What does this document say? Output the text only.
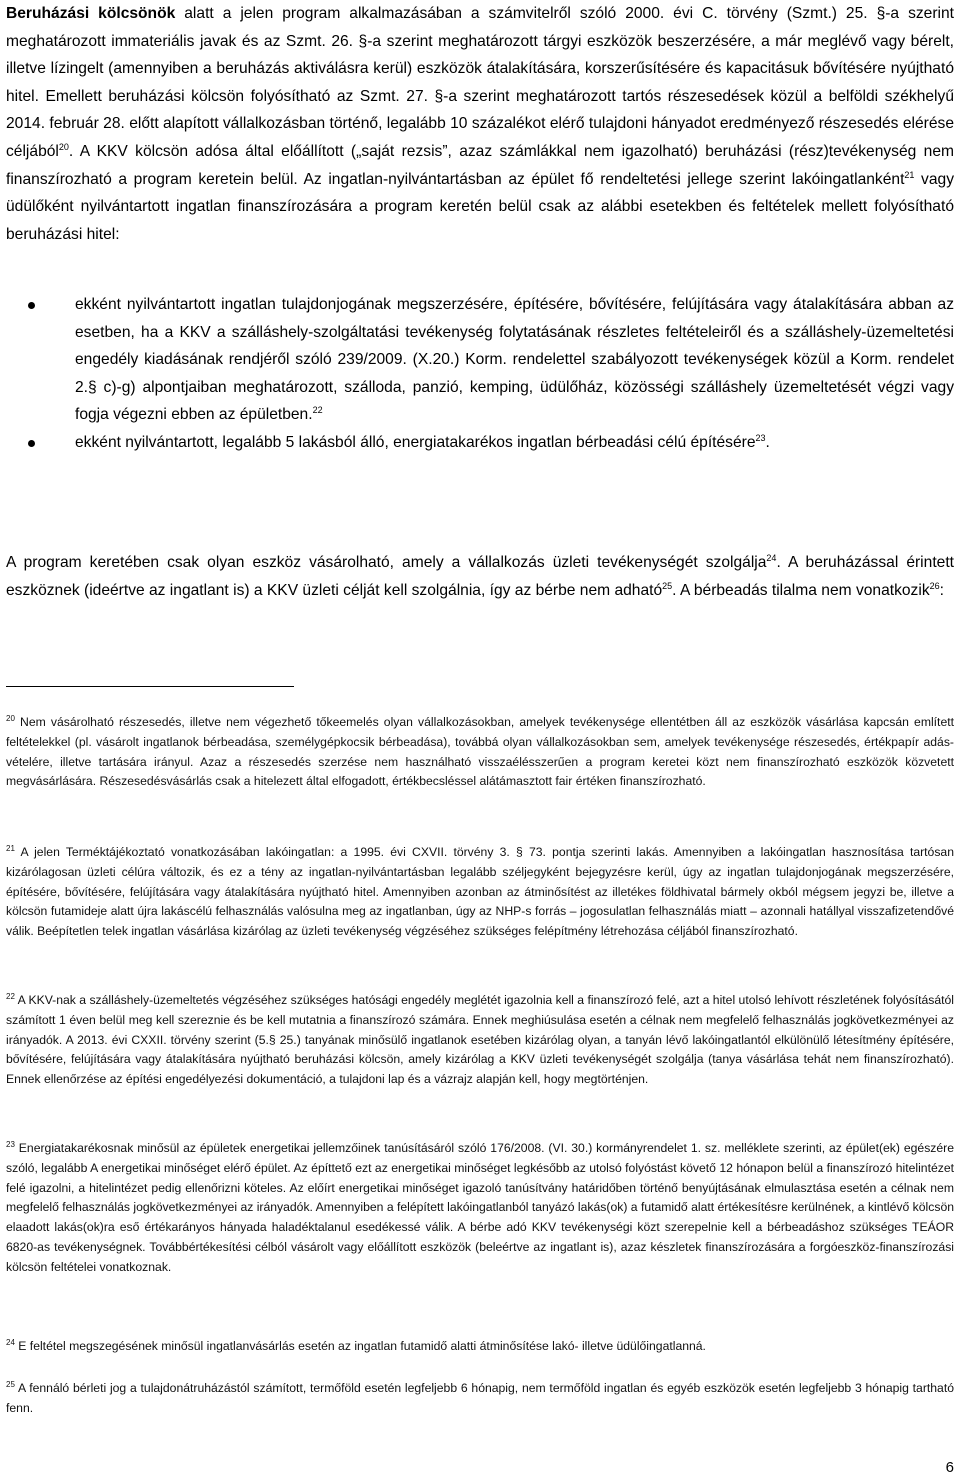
Beruházási kölcsönök alatt a jelen program alkalmazásában a számvitelről szóló 2000. évi C. törvény (Szmt.) 25. §-a szerint meghatározott immateriális javak és az Szmt. 26. §-a szerint meghatározott tárgyi eszközök beszerzésére, a már meglévő vagy bérelt, illetve lízingelt (amennyiben a beruházás aktiválásra kerül) eszközök átalakítására, korszerűsítésére és kapacitásuk bővítésére nyújtható hitel. Emellett beruházási kölcsön folyósítható az Szmt. 27. §-a szerint meghatározott tartós részesedések közül a belföldi székhelyű 2014. február 28. előtt alapított vállalkozásban történő, legalább 10 százalékot elérő tulajdoni hányadot eredményező részesedés elérése céljából$^{20}$. A KKV kölcsön adósa által előállított („saját rezsis”, azaz számlákkal nem igazolható) beruházási (rész)tevékenység nem finanszírozható a program keretein belül. Az ingatlan-nyilvántartásban az épület fő rendeltetési jellege szerint lakóingatlanként$^{21}$ vagy üdülőként nyilvántartott ingatlan finanszírozására a program keretén belül csak az alábbi esetekben és feltételek mellett folyósítható beruházási hitel:

ekként nyilvántartott ingatlan tulajdonjogának megszerzésére, építésére, bővítésére, felújítására vagy átalakítására abban az esetben, ha a KKV a szálláshely-szolgáltatási tevékenység folytatásának részletes feltételeiről és a szálláshely-üzemeltetési engedély kiadásának rendjéről szóló 239/2009. (X.20.) Korm. rendelettel szabályozott tevékenységek közül a Korm. rendelet 2.§ c)-g) alpontjaiban meghatározott, szálloda, panzió, kemping, üdülőház, közösségi szálláshely üzemeltetését végzi vagy fogja végezni ebben az épületben.$^{22}$
ekként nyilvántartott, legalább 5 lakásból álló, energiatakarékos ingatlan bérbeadási célú építésére$^{23}$.

A program keretében csak olyan eszköz vásárolható, amely a vállalkozás üzleti tevékenységét szolgálja$^{24}$. A beruházással érintett eszköznek (ideértve az ingatlant is) a KKV üzleti célját kell szolgálnia, így az bérbe nem adható$^{25}$. A bérbeadás tilalma nem vonatkozik$^{26}$:

$^{20}$ Nem vásárolható részesedés, illetve nem végezhető tőkeemelés olyan vállalkozásokban, amelyek tevékenysége ellentétben áll az eszközök vásárlása kapcsán említett feltételekkel (pl. vásárolt ingatlanok bérbeadása, személygépkocsik bérbeadása), továbbá olyan vállalkozásokban sem, amelyek tevékenysége részesedés, értékpapír adás-vételére, illetve tartására irányul. Azaz a részesedés szerzése nem használható visszaélésszerűen a program keretei közt nem finanszírozható eszközök közvetett megvásárlására. Részesedésvásárlás csak a hitelezett által elfogadott, értékbecsléssel alátámasztott fair értéken finanszírozható.

$^{21}$ A jelen Terméktájékoztató vonatkozásában lakóingatlan: a 1995. évi CXVII. törvény 3. § 73. pontja szerinti lakás. Amennyiben a lakóingatlan hasznosítása tartósan kizárólagosan üzleti célúra változik, és ez a tény az ingatlan-nyilvántartásban legalább széljegyként bejegyzésre kerül, úgy az ingatlan tulajdonjogának megszerzésére, építésére, bővítésére, felújítására vagy átalakítására nyújtható hitel. Amennyiben azonban az átminősítést az illetékes földhivatal bármely okból mégsem jegyzi be, illetve a kölcsön futamideje alatt újra lakáscélú felhasználás valósulna meg az ingatlanban, úgy az NHP-s forrás – jogosulatlan felhasználás miatt – azonnali hatállyal visszafizetendővé válik. Beépítetlen telek ingatlan vásárlása kizárólag az üzleti tevékenység végzéséhez szükséges felépítmény létrehozása céljából finanszírozható.

$^{22}$ A KKV-nak a szálláshely-üzemeltetés végzéséhez szükséges hatósági engedély meglétét igazolnia kell a finanszírozó felé, azt a hitel utolsó lehívott részletének folyósításától számított 1 éven belül meg kell szereznie és be kell mutatnia a finanszírozó számára. Ennek meghiúsulása esetén a célnak nem megfelelő felhasználás jogkövetkezményei az irányadók. A 2013. évi CXXII. törvény szerint (5.§ 25.) tanyának minősülő ingatlanok esetében kizárólag olyan, a tanyán lévő lakóingatlantól elkülönülő létesítmény építésére, bővítésére, felújítására vagy átalakítására nyújtható beruházási kölcsön, amely kizárólag a KKV üzleti tevékenységét szolgálja (tanya vásárlása tehát nem finanszírozható). Ennek ellenőrzése az építési engedélyezési dokumentáció, a tulajdoni lap és a vázrajz alapján kell, hogy megtörténjen.

$^{23}$ Energiatakarékosnak minősül az épületek energetikai jellemzőinek tanúsításáról szóló 176/2008. (VI. 30.) kormányrendelet 1. sz. melléklete szerinti, az épület(ek) egészére szóló, legalább A energetikai minőséget elérő épület. Az építtető ezt az energetikai minőséget legkésőbb az utolsó folyóstást követő 12 hónapon belül a finanszírozó hitelintézet felé igazolni, a hitelintézet pedig ellenőrizni köteles. Az előírt energetikai minőséget igazoló tanúsítvány határidőben történő benyújtásának elmulasztása esetén a célnak nem megfelelő felhasználás jogkövetkezményei az irányadók. Amennyiben a felépített lakóingatlanból tanyázó lakás(ok) a futamidő alatt értékesítésre kerülnének, a kintlévő kölcsön elaadott lakás(ok)ra eső értékarányos hányada haladéktalanul esedékessé válik. A bérbe adó KKV tevékenységi közt szerepelnie kell a bérbeadáshoz szükséges TEÁOR 6820-as tevékenységnek. Továbbértékesítési célból vásárolt vagy előállított eszközök (beleértve az ingatlant is), azaz készletek finanszírozására a forgóeszköz-finanszírozási kölcsön feltételei vonatkoznak.

$^{24}$ E feltétel megszegésének minősül ingatlanvásárlás esetén az ingatlan futamidő alatti átminősítése lakó- illetve üdülőingatlanná.

$^{25}$ A fennáló bérleti jog a tulajdonátruházástól számított, termőföld esetén legfeljebb 6 hónapig, nem termőföld ingatlan és egyéb eszközök esetén legfeljebb 3 hónapig tartható fenn.

6
